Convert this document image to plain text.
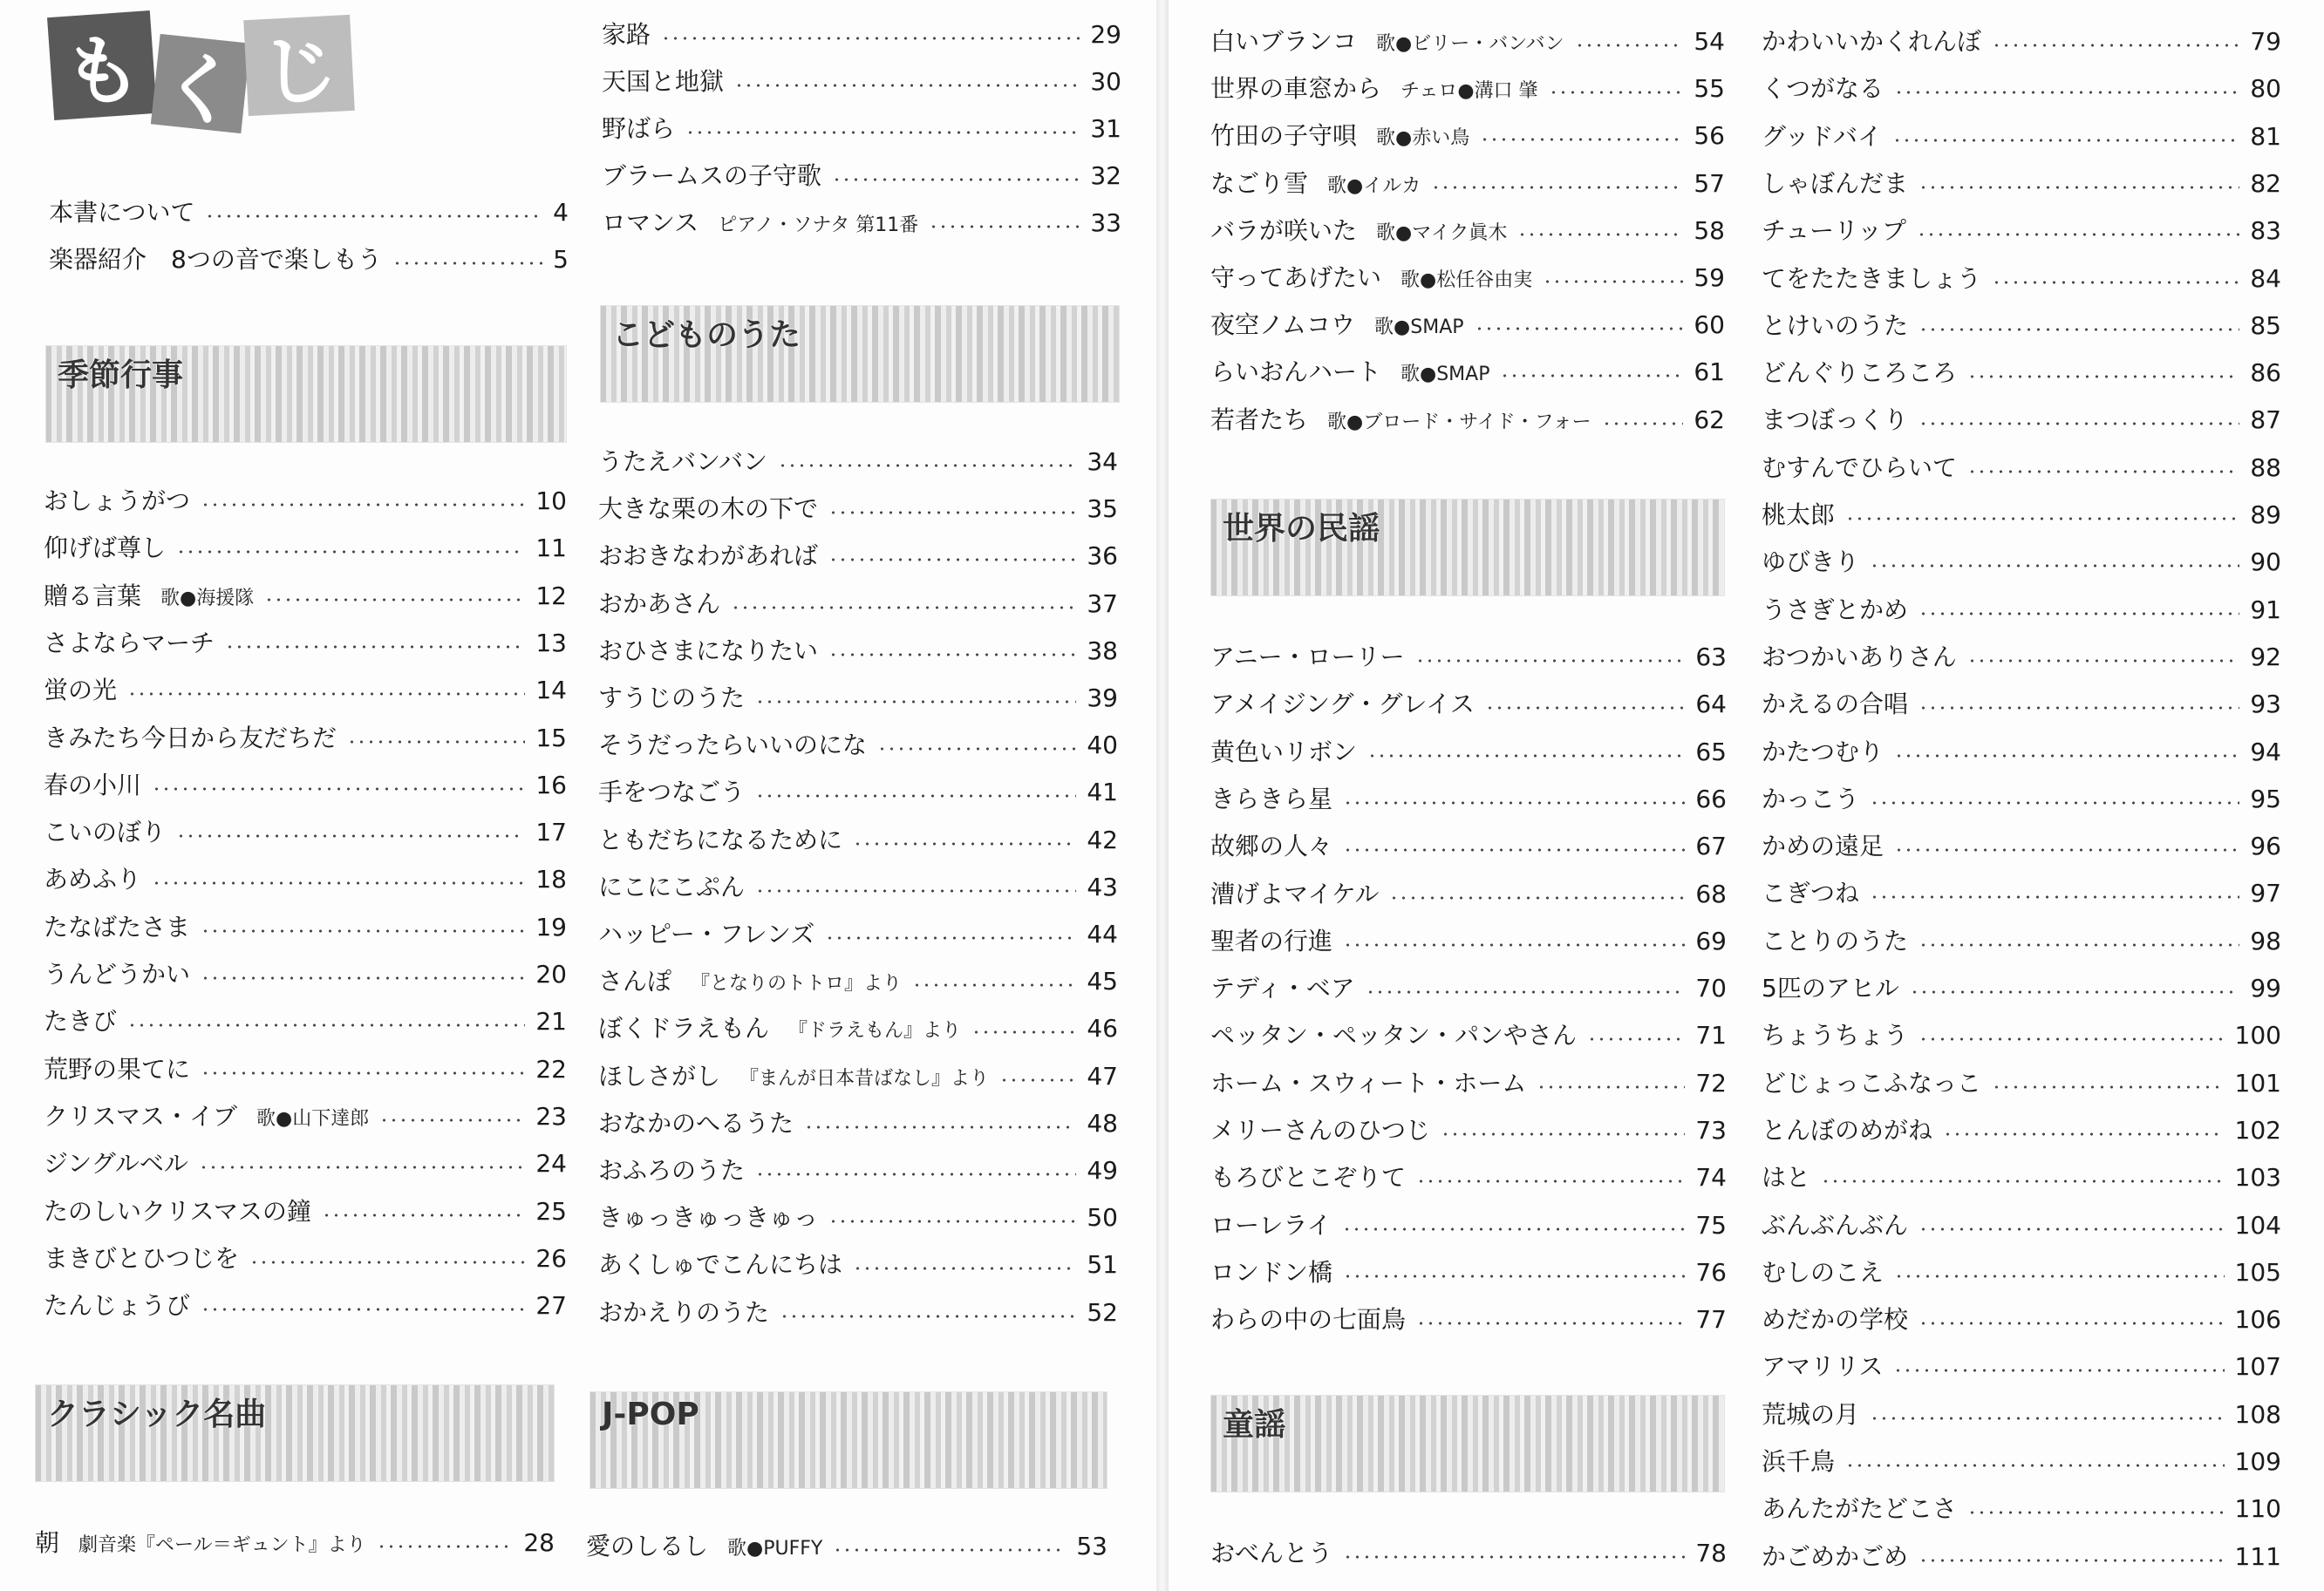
も く じ
本書について	4
楽器紹介　8つの音で楽しもう	5
季節行事
おしょうがつ	10
仰げば尊し	11
贈る言葉 歌●海援隊	12
さよならマーチ	13
蛍の光	14
きみたち今日から友だちだ	15
春の小川	16
こいのぼり	17
あめふり	18
たなばたさま	19
うんどうかい	20
たきび	21
荒野の果てに	22
クリスマス・イブ 歌●山下達郎	23
ジングルベル	24
たのしいクリスマスの鐘	25
まきびとひつじを	26
たんじょうび	27
クラシック名曲
朝 劇音楽『ペール＝ギュント』より	28
家路	29
天国と地獄	30
野ばら	31
ブラームスの子守歌	32
ロマンス ピアノ・ソナタ 第11番	33
こどものうた
うたえバンバン	34
大きな栗の木の下で	35
おおきなわがあれば	36
おかあさん	37
おひさまになりたい	38
すうじのうた	39
そうだったらいいのにな	40
手をつなごう	41
ともだちになるために	42
にこにこぷん	43
ハッピー・フレンズ	44
さんぽ 『となりのトトロ』より	45
ぼくドラえもん 『ドラえもん』より	46
ほしさがし 『まんが日本昔ばなし』より	47
おなかのへるうた	48
おふろのうた	49
きゅっきゅっきゅっ	50
あくしゅでこんにちは	51
おかえりのうた	52
J-POP
愛のしるし 歌●PUFFY	53
白いブランコ 歌●ビリー・バンバン	54
世界の車窓から チェロ●溝口 肇	55
竹田の子守唄 歌●赤い鳥	56
なごり雪 歌●イルカ	57
バラが咲いた 歌●マイク眞木	58
守ってあげたい 歌●松任谷由実	59
夜空ノムコウ 歌●SMAP	60
らいおんハート 歌●SMAP	61
若者たち 歌●ブロード・サイド・フォー	62
世界の民謡
アニー・ローリー	63
アメイジング・グレイス	64
黄色いリボン	65
きらきら星	66
故郷の人々	67
漕げよマイケル	68
聖者の行進	69
テディ・ベア	70
ペッタン・ペッタン・パンやさん	71
ホーム・スウィート・ホーム	72
メリーさんのひつじ	73
もろびとこぞりて	74
ローレライ	75
ロンドン橋	76
わらの中の七面鳥	77
童謡
おべんとう	78
かわいいかくれんぼ	79
くつがなる	80
グッドバイ	81
しゃぼんだま	82
チューリップ	83
てをたたきましょう	84
とけいのうた	85
どんぐりころころ	86
まつぼっくり	87
むすんでひらいて	88
桃太郎	89
ゆびきり	90
うさぎとかめ	91
おつかいありさん	92
かえるの合唱	93
かたつむり	94
かっこう	95
かめの遠足	96
こぎつね	97
ことりのうた	98
5匹のアヒル	99
ちょうちょう	100
どじょっこふなっこ	101
とんぼのめがね	102
はと	103
ぶんぶんぶん	104
むしのこえ	105
めだかの学校	106
アマリリス	107
荒城の月	108
浜千鳥	109
あんたがたどこさ	110
かごめかごめ	111
